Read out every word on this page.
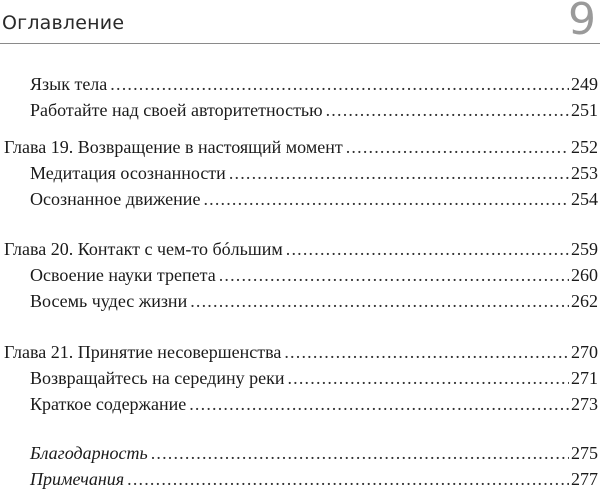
Оглавление	9
Язык тела .....	249
Работайте над своей авторитетностью .....	251
Глава 19. Возвращение в настоящий момент .....	252
Медитация осознанности .....	253
Осознанное движение .....	254
Глава 20. Контакт с чем-то бóльшим .....	259
Освоение науки трепета .....	260
Восемь чудес жизни .....	262
Глава 21. Принятие несовершенства .....	270
Возвращайтесь на середину реки .....	271
Краткое содержание .....	273
Благодарность .....	275
Примечания .....	277
